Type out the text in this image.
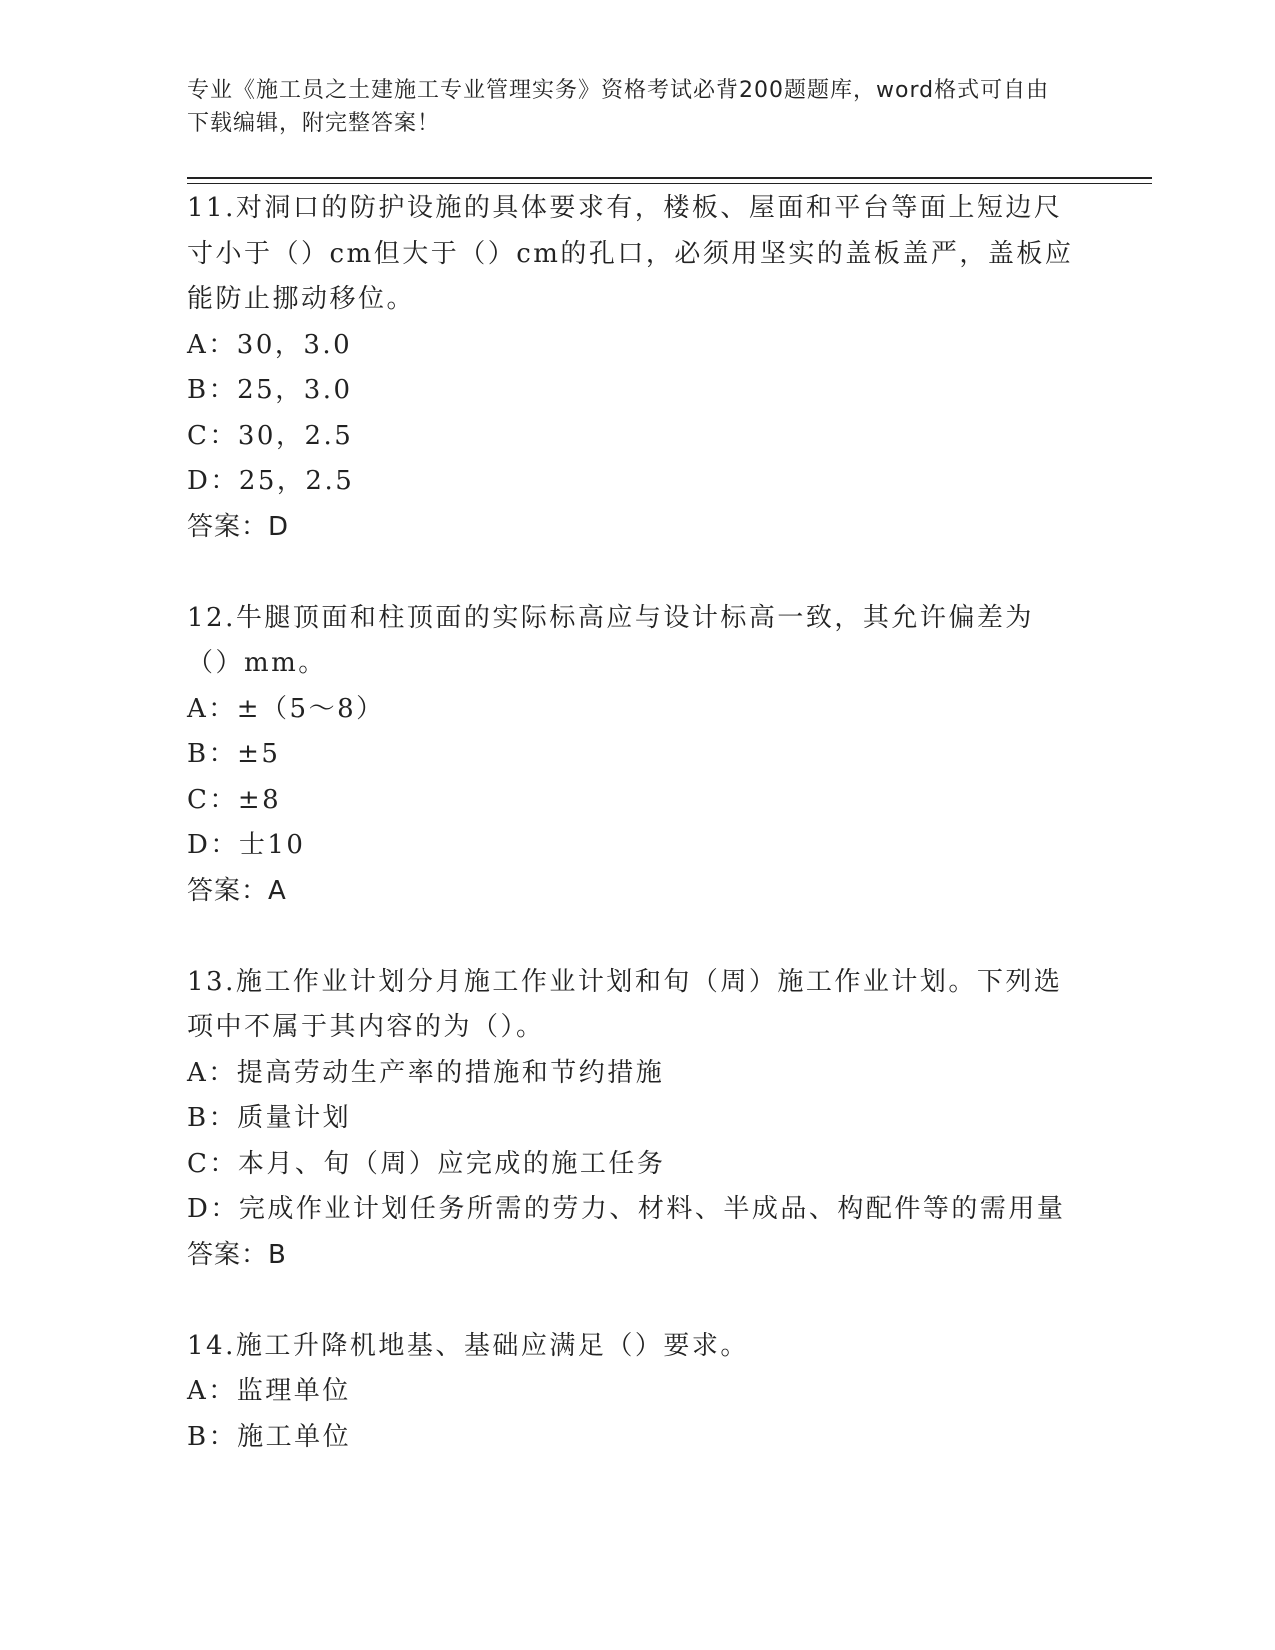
专业《施工员之土建施工专业管理实务》资格考试必背200题题库，word格式可自由下载编辑，附完整答案！

11.对洞口的防护设施的具体要求有，楼板、屋面和平台等面上短边尺寸小于（）cm但大于（）cm的孔口，必须用坚实的盖板盖严，盖板应能防止挪动移位。

A：30，3.0

B：25，3.0

C：30，2.5

D：25，2.5

答案：D

12.牛腿顶面和柱顶面的实际标高应与设计标高一致，其允许偏差为（）mm。

A：±（5～8）

B：±5

C：±8

D：士10

答案：A

13.施工作业计划分月施工作业计划和旬（周）施工作业计划。下列选项中不属于其内容的为（）。

A：提高劳动生产率的措施和节约措施

B：质量计划

C：本月、旬（周）应完成的施工任务

D：完成作业计划任务所需的劳力、材料、半成品、构配件等的需用量

答案：B

14.施工升降机地基、基础应满足（）要求。

A：监理单位

B：施工单位
